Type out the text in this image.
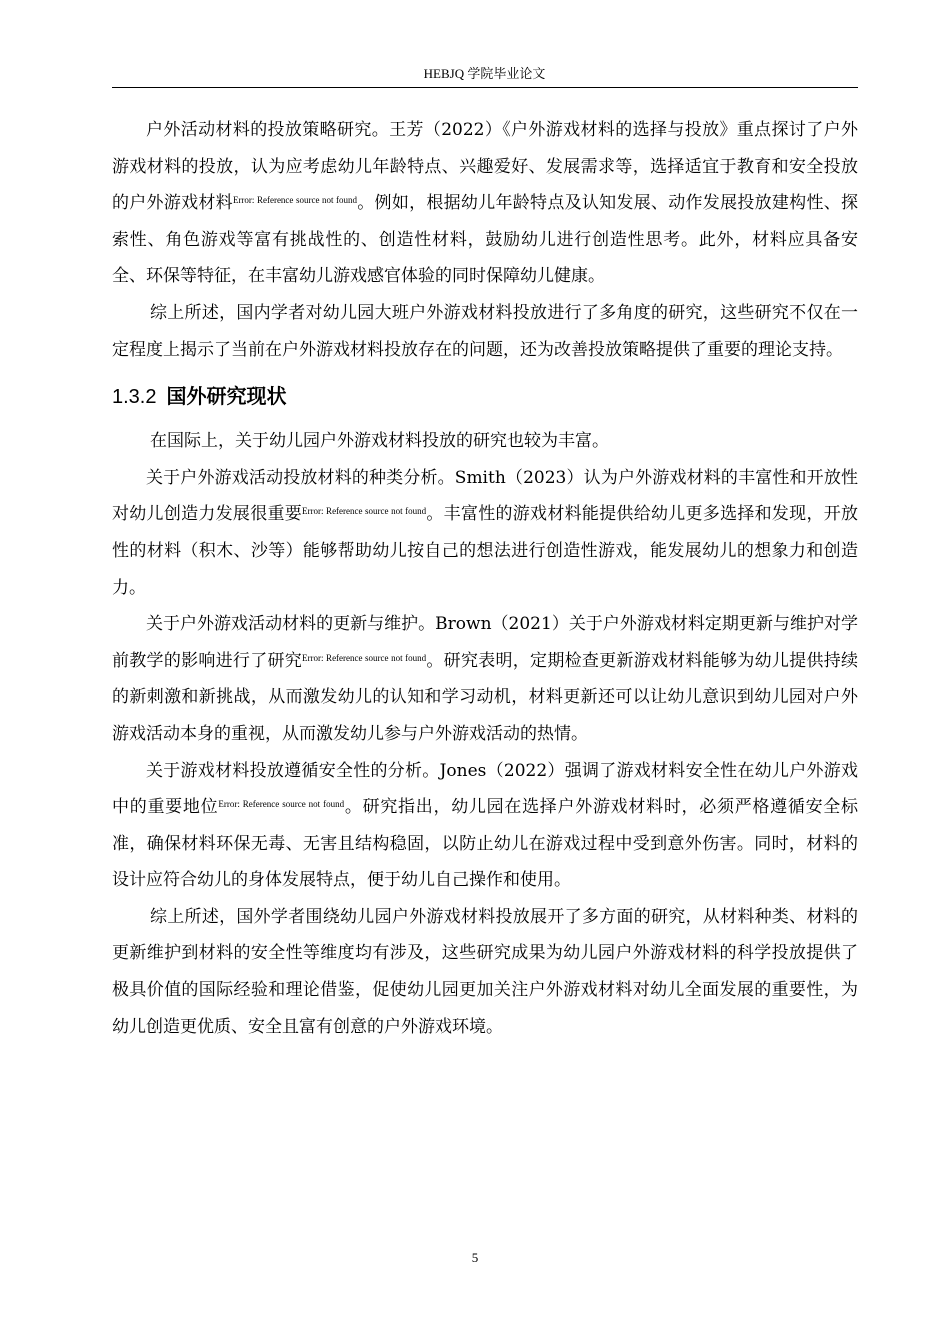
HEBJQ 学院毕业论文

户外活动材料的投放策略研究。王芳（2022）《户外游戏材料的选择与投放》重点探讨了户外游戏材料的投放，认为应考虑幼儿年龄特点、兴趣爱好、发展需求等，选择适宜于教育和安全投放的户外游戏材料$^{Error: Reference source not found}$。例如，根据幼儿年龄特点及认知发展、动作发展投放建构性、探索性、角色游戏等富有挑战性的、创造性材料，鼓励幼儿进行创造性思考。此外，材料应具备安全、环保等特征，在丰富幼儿游戏感官体验的同时保障幼儿健康。

综上所述，国内学者对幼儿园大班户外游戏材料投放进行了多角度的研究，这些研究不仅在一定程度上揭示了当前在户外游戏材料投放存在的问题，还为改善投放策略提供了重要的理论支持。

1.3.2 国外研究现状

在国际上，关于幼儿园户外游戏材料投放的研究也较为丰富。

关于户外游戏活动投放材料的种类分析。Smith（2023）认为户外游戏材料的丰富性和开放性对幼儿创造力发展很重要$^{Error: Reference source not found}$。丰富性的游戏材料能提供给幼儿更多选择和发现，开放性的材料（积木、沙等）能够帮助幼儿按自己的想法进行创造性游戏，能发展幼儿的想象力和创造力。

关于户外游戏活动材料的更新与维护。Brown（2021）关于户外游戏材料定期更新与维护对学前教学的影响进行了研究$^{Error: Reference source not found}$。研究表明，定期检查更新游戏材料能够为幼儿提供持续的新刺激和新挑战，从而激发幼儿的认知和学习动机，材料更新还可以让幼儿意识到幼儿园对户外游戏活动本身的重视，从而激发幼儿参与户外游戏活动的热情。

关于游戏材料投放遵循安全性的分析。Jones（2022）强调了游戏材料安全性在幼儿户外游戏中的重要地位$^{Error: Reference source not found}$。研究指出，幼儿园在选择户外游戏材料时，必须严格遵循安全标准，确保材料环保无毒、无害且结构稳固，以防止幼儿在游戏过程中受到意外伤害。同时，材料的设计应符合幼儿的身体发展特点，便于幼儿自己操作和使用。

综上所述，国外学者围绕幼儿园户外游戏材料投放展开了多方面的研究，从材料种类、材料的更新维护到材料的安全性等维度均有涉及，这些研究成果为幼儿园户外游戏材料的科学投放提供了极具价值的国际经验和理论借鉴，促使幼儿园更加关注户外游戏材料对幼儿全面发展的重要性，为幼儿创造更优质、安全且富有创意的户外游戏环境。

5
